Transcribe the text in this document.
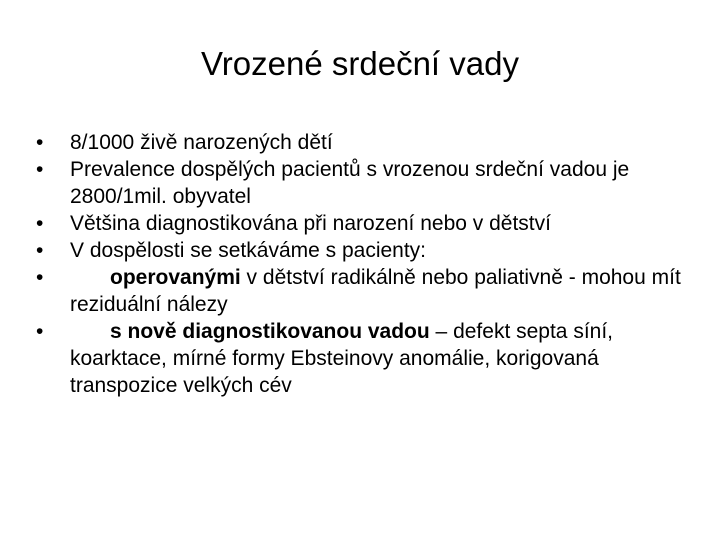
Vrozené srdeční vady
•	8/1000 živě narozených dětí
•	Prevalence dospělých pacientů s vrozenou srdeční vadou je 2800/1mil. obyvatel
•	Většina diagnostikována při narození nebo v dětství
•	V dospělosti se setkáváme s pacienty:
•	operovanými v dětství radikálně nebo paliativně - mohou mít reziduální nálezy
•	s nově diagnostikovanou vadou – defekt septa síní, koarktace, mírné formy Ebsteinovy anomálie, korigovaná transpozice velkých cév
